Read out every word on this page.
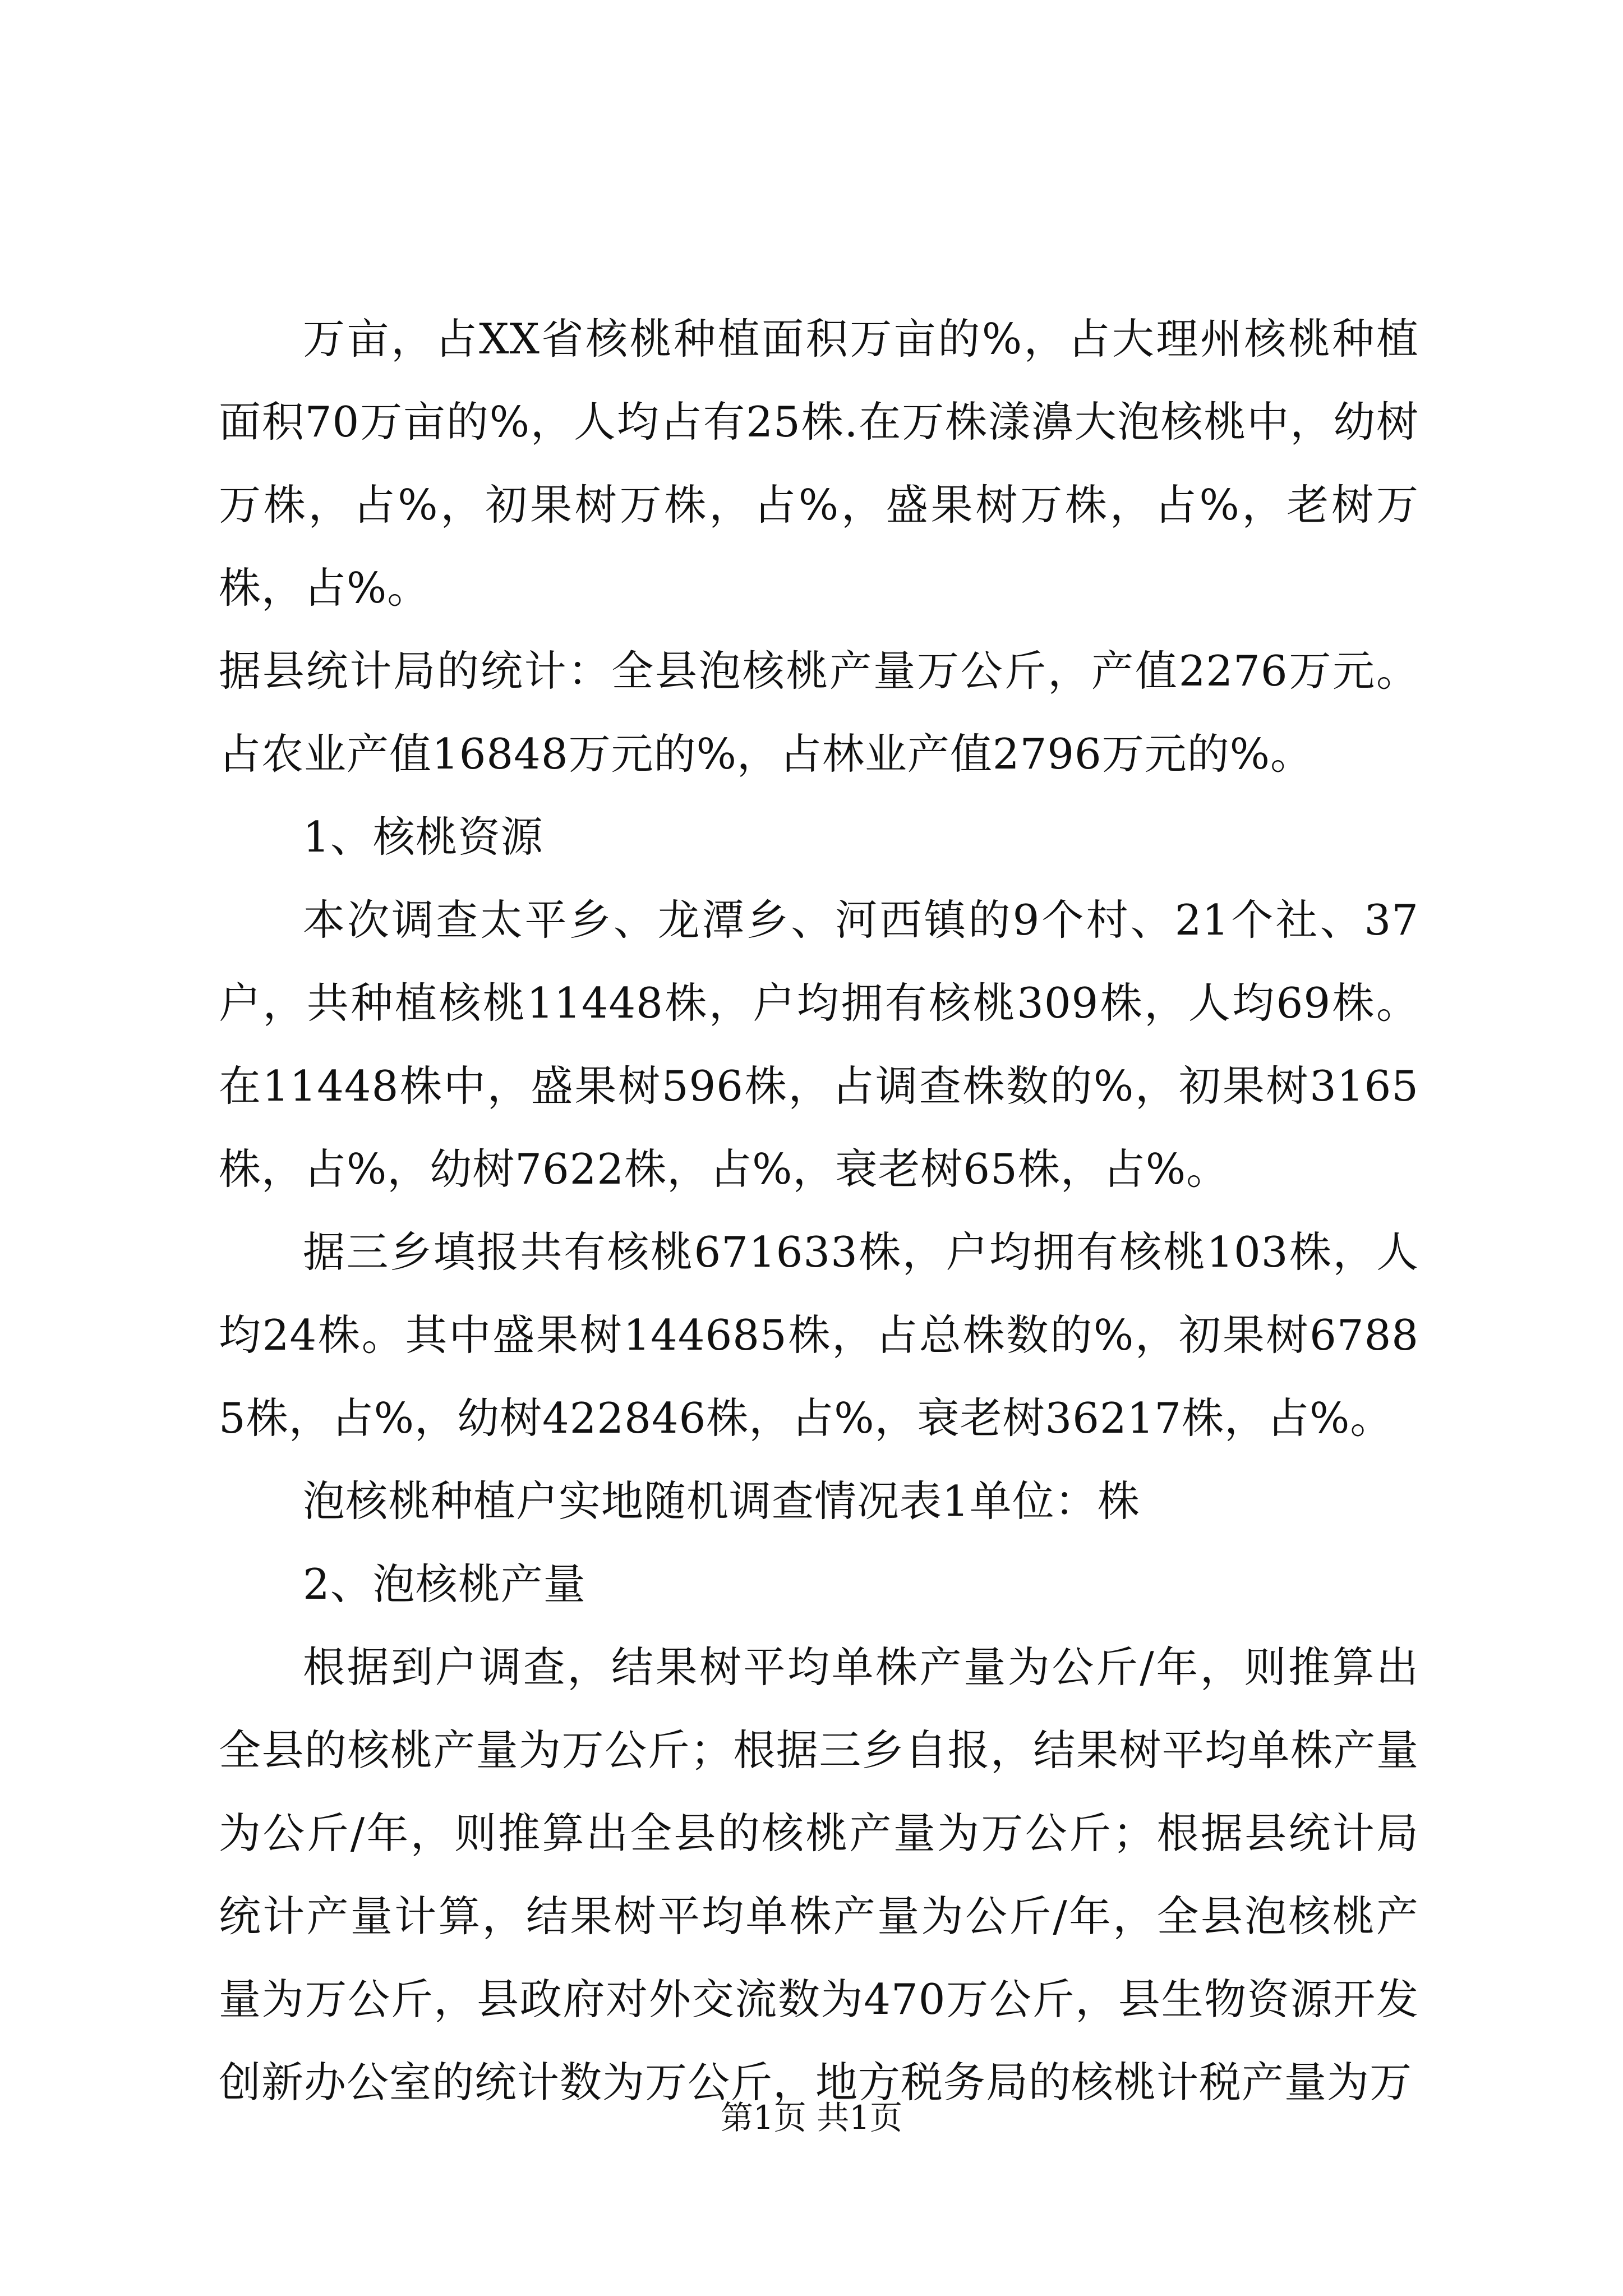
万亩，占XX省核桃种植面积万亩的%，占大理州核桃种植面积70万亩的%，人均占有25株.在万株漾濞大泡核桃中，幼树万株，占%，初果树万株，占%，盛果树万株，占%，老树万株，占%。

据县统计局的统计：全县泡核桃产量万公斤，产值2276万元。占农业产值16848万元的%，占林业产值2796万元的%。

1、核桃资源

本次调查太平乡、龙潭乡、河西镇的9个村、21个社、37户，共种植核桃11448株，户均拥有核桃309株，人均69株。在11448株中，盛果树596株，占调查株数的%，初果树3165株，占%，幼树7622株，占%，衰老树65株，占%。

据三乡填报共有核桃671633株，户均拥有核桃103株，人均24株。其中盛果树144685株，占总株数的%，初果树67885株，占%，幼树422846株，占%，衰老树36217株，占%。

泡核桃种植户实地随机调查情况表1单位：株

2、泡核桃产量

根据到户调查，结果树平均单株产量为公斤/年，则推算出全县的核桃产量为万公斤；根据三乡自报，结果树平均单株产量为公斤/年，则推算出全县的核桃产量为万公斤；根据县统计局统计产量计算，结果树平均单株产量为公斤/年，全县泡核桃产量为万公斤，县政府对外交流数为470万公斤，县生物资源开发创新办公室的统计数为万公斤，地方税务局的核桃计税产量为万

第1页 共1页
